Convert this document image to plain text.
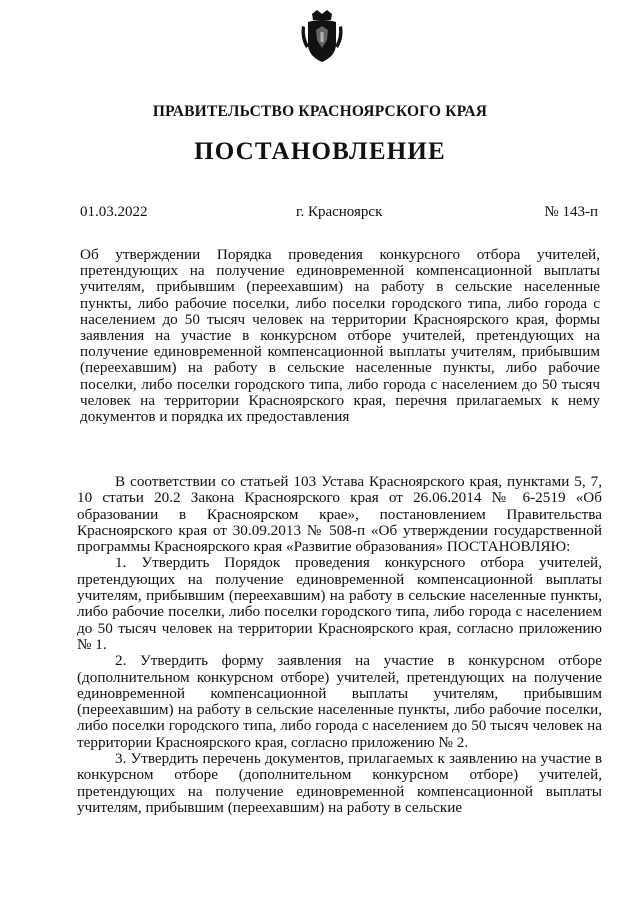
ПРАВИТЕЛЬСТВО КРАСНОЯРСКОГО КРАЯ
ПОСТАНОВЛЕНИЕ
01.03.2022	г. Красноярск	№ 143-п

Об утверждении Порядка проведения конкурсного отбора учителей, претендующих на получение единовременной компенсационной выплаты учителям, прибывшим (переехавшим) на работу в сельские населенные пункты, либо рабочие поселки, либо поселки городского типа, либо города с населением до 50 тысяч человек на территории Красноярского края, формы заявления на участие в конкурсном отборе учителей, претендующих на получение единовременной компенсационной выплаты учителям, прибывшим (переехавшим) на работу в сельские населенные пункты, либо рабочие поселки, либо поселки городского типа, либо города с населением до 50 тысяч человек на территории Красноярского края, перечня прилагаемых к нему документов и порядка их предоставления

В соответствии со статьей 103 Устава Красноярского края, пунктами 5, 7, 10 статьи 20.2 Закона Красноярского края от 26.06.2014 № 6-2519 «Об образовании в Красноярском крае», постановлением Правительства Красноярского края от 30.09.2013 № 508-п «Об утверждении государственной программы Красноярского края «Развитие образования» ПОСТАНОВЛЯЮ:

1. Утвердить Порядок проведения конкурсного отбора учителей, претендующих на получение единовременной компенсационной выплаты учителям, прибывшим (переехавшим) на работу в сельские населенные пункты, либо рабочие поселки, либо поселки городского типа, либо города с населением до 50 тысяч человек на территории Красноярского края, согласно приложению № 1.

2. Утвердить форму заявления на участие в конкурсном отборе (дополнительном конкурсном отборе) учителей, претендующих на получение единовременной компенсационной выплаты учителям, прибывшим (переехавшим) на работу в сельские населенные пункты, либо рабочие поселки, либо поселки городского типа, либо города с населением до 50 тысяч человек на территории Красноярского края, согласно приложению № 2.

3. Утвердить перечень документов, прилагаемых к заявлению на участие в конкурсном отборе (дополнительном конкурсном отборе) учителей, претендующих на получение единовременной компенсационной выплаты учителям, прибывшим (переехавшим) на работу в сельские
